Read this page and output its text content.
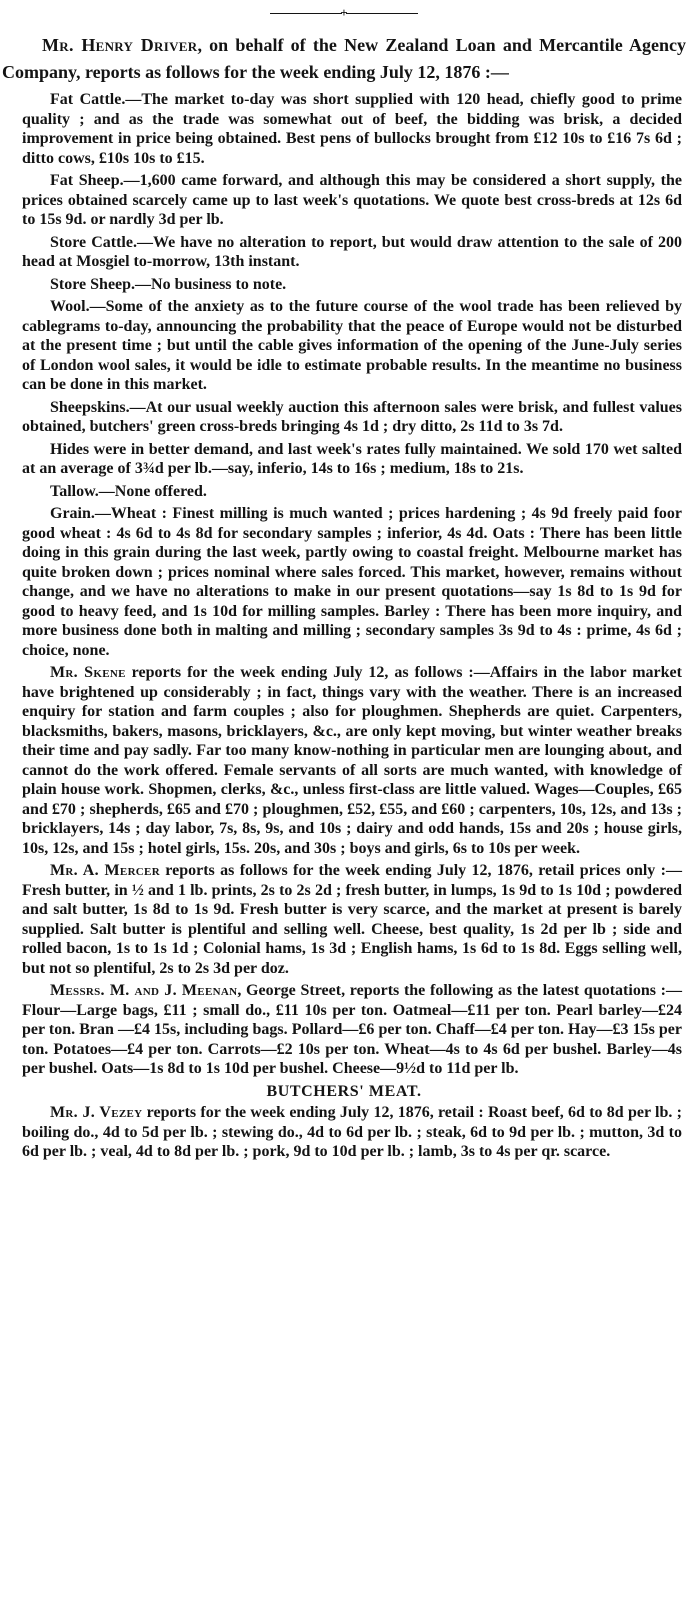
+

Mr. Henry Driver, on behalf of the New Zealand Loan and Mercantile Agency Company, reports as follows for the week ending July 12, 1876 :—

Fat Cattle.—The market to-day was short supplied with 120 head, chiefly good to prime quality ; and as the trade was somewhat out of beef, the bidding was brisk, a decided improvement in price being obtained. Best pens of bullocks brought from £12 10s to £16 7s 6d ; ditto cows, £10s 10s to £15.

Fat Sheep.—1,600 came forward, and although this may be considered a short supply, the prices obtained scarcely came up to last week's quotations. We quote best cross-breds at 12s 6d to 15s 9d. or nardly 3d per lb.

Store Cattle.—We have no alteration to report, but would draw attention to the sale of 200 head at Mosgiel to-morrow, 13th instant.

Store Sheep.—No business to note.

Wool.—Some of the anxiety as to the future course of the wool trade has been relieved by cablegrams to-day, announcing the probability that the peace of Europe would not be disturbed at the present time ; but until the cable gives information of the opening of the June-July series of London wool sales, it would be idle to estimate probable results. In the meantime no business can be done in this market.

Sheepskins.—At our usual weekly auction this afternoon sales were brisk, and fullest values obtained, butchers' green cross-breds bringing 4s 1d ; dry ditto, 2s 11d to 3s 7d.

Hides were in better demand, and last week's rates fully maintained. We sold 170 wet salted at an average of 3¾d per lb.—say, inferio, 14s to 16s ; medium, 18s to 21s.

Tallow.—None offered.

Grain.—Wheat : Finest milling is much wanted ; prices hardening ; 4s 9d freely paid foor good wheat : 4s 6d to 4s 8d for secondary samples ; inferior, 4s 4d. Oats : There has been little doing in this grain during the last week, partly owing to coastal freight. Melbourne market has quite broken down ; prices nominal where sales forced. This market, however, remains without change, and we have no alterations to make in our present quotations—say 1s 8d to 1s 9d for good to heavy feed, and 1s 10d for milling samples. Barley : There has been more inquiry, and more business done both in malting and milling ; secondary samples 3s 9d to 4s : prime, 4s 6d ; choice, none.

Mr. Skene reports for the week ending July 12, as follows :—Affairs in the labor market have brightened up considerably ; in fact, things vary with the weather. There is an increased enquiry for station and farm couples ; also for ploughmen. Shepherds are quiet. Carpenters, blacksmiths, bakers, masons, bricklayers, &c., are only kept moving, but winter weather breaks their time and pay sadly. Far too many know-nothing in particular men are lounging about, and cannot do the work offered. Female servants of all sorts are much wanted, with knowledge of plain house work. Shopmen, clerks, &c., unless first-class are little valued. Wages—Couples, £65 and £70 ; shepherds, £65 and £70 ; ploughmen, £52, £55, and £60 ; carpenters, 10s, 12s, and 13s ; bricklayers, 14s ; day labor, 7s, 8s, 9s, and 10s ; dairy and odd hands, 15s and 20s ; house girls, 10s, 12s, and 15s ; hotel girls, 15s. 20s, and 30s ; boys and girls, 6s to 10s per week.

Mr. A. Mercer reports as follows for the week ending July 12, 1876, retail prices only :—Fresh butter, in ½ and 1 lb. prints, 2s to 2s 2d ; fresh butter, in lumps, 1s 9d to 1s 10d ; powdered and salt butter, 1s 8d to 1s 9d. Fresh butter is very scarce, and the market at present is barely supplied. Salt butter is plentiful and selling well. Cheese, best quality, 1s 2d per lb ; side and rolled bacon, 1s to 1s 1d ; Colonial hams, 1s 3d ; English hams, 1s 6d to 1s 8d. Eggs selling well, but not so plentiful, 2s to 2s 3d per doz.

Messrs. M. and J. Meenan, George Street, reports the following as the latest quotations :—Flour—Large bags, £11 ; small do., £11 10s per ton. Oatmeal—£11 per ton. Pearl barley—£24 per ton. Bran —£4 15s, including bags. Pollard—£6 per ton. Chaff—£4 per ton. Hay—£3 15s per ton. Potatoes—£4 per ton. Carrots—£2 10s per ton. Wheat—4s to 4s 6d per bushel. Barley—4s per bushel. Oats—1s 8d to 1s 10d per bushel. Cheese—9½d to 11d per lb.

BUTCHERS' MEAT.

Mr. J. Vezey reports for the week ending July 12, 1876, retail : Roast beef, 6d to 8d per lb. ; boiling do., 4d to 5d per lb. ; stewing do., 4d to 6d per lb. ; steak, 6d to 9d per lb. ; mutton, 3d to 6d per lb. ; veal, 4d to 8d per lb. ; pork, 9d to 10d per lb. ; lamb, 3s to 4s per qr. scarce.
